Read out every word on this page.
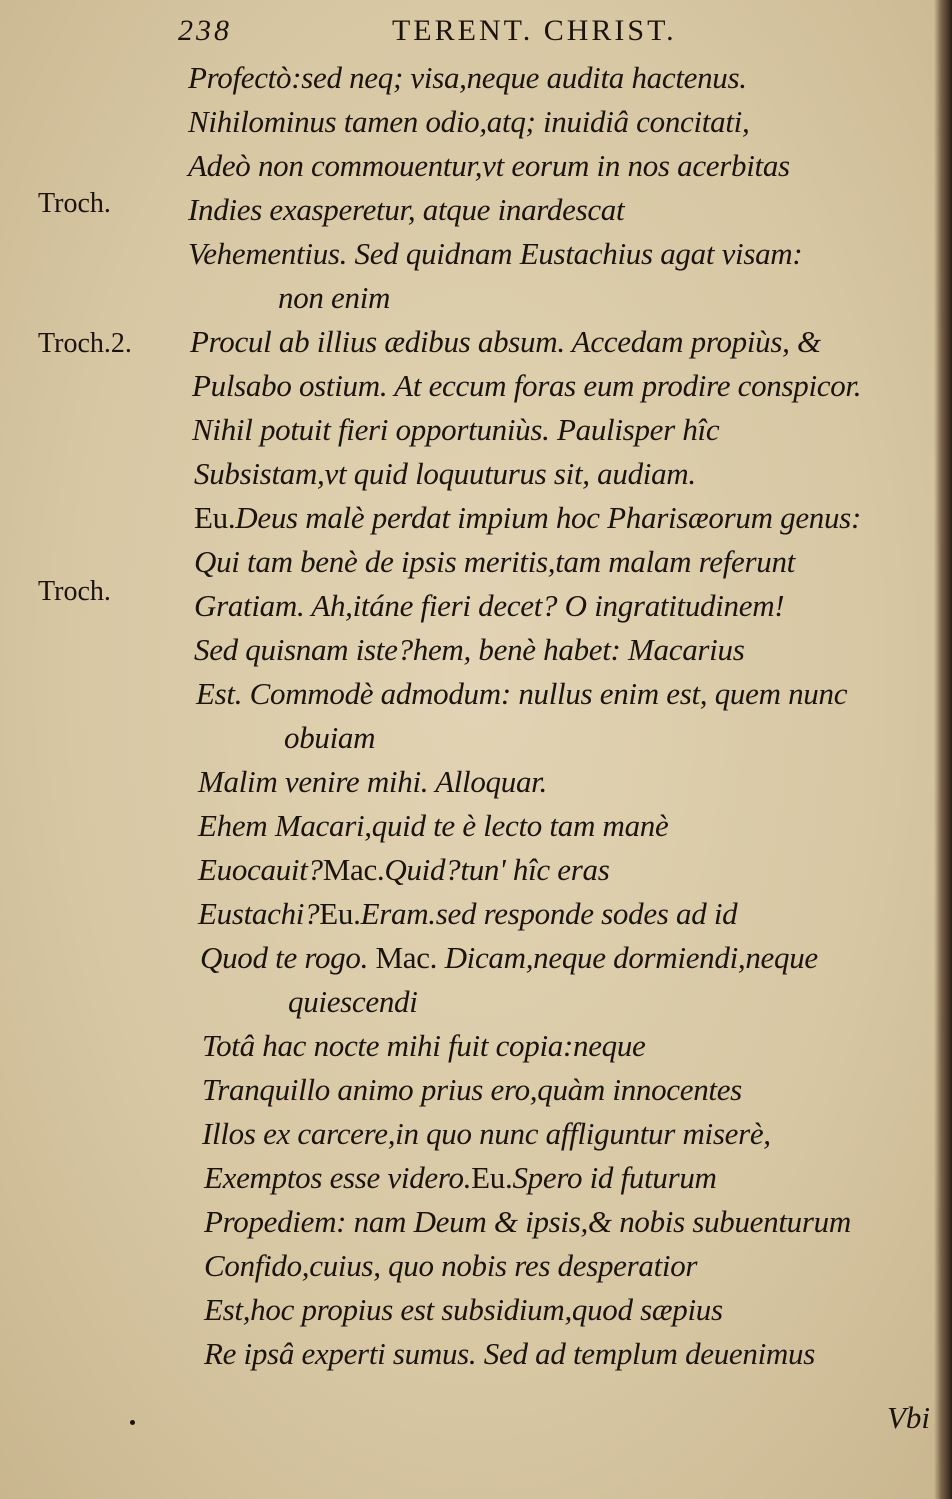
238	TERENT. CHRIST.
Troch.
Troch.2.
Troch.
Profectò:sed neq; visa,neque audita hactenus.
Nihilominus tamen odio,atq; inuidiâ concitati,
Adeò non commouentur,vt eorum in nos acerbitas
Indies exasperetur, atque inardescat
Vehementius. Sed quidnam Eustachius agat visam:
non enim
Procul ab illius ædibus absum. Accedam propiùs, &
Pulsabo ostium. At eccum foras eum prodire conspicor.
Nihil potuit fieri opportuniùs. Paulisper hîc
Subsistam,vt quid loquuturus sit, audiam.
Eu.Deus malè perdat impium hoc Pharisæorum genus:
Qui tam benè de ipsis meritis,tam malam referunt
Gratiam. Ah,itáne fieri decet? O ingratitudinem!
Sed quisnam iste?hem, benè habet: Macarius
Est. Commodè admodum: nullus enim est, quem nunc
obuiam
Malim venire mihi. Alloquar.
Ehem Macari,quid te è lecto tam manè
Euocauit?Mac.Quid?tun' hîc eras
Eustachi?Eu.Eram.sed responde sodes ad id
Quod te rogo. Mac. Dicam,neque dormiendi,neque
quiescendi
Totâ hac nocte mihi fuit copia:neque
Tranquillo animo prius ero,quàm innocentes
Illos ex carcere,in quo nunc affliguntur miserè,
Exemptos esse videro.Eu.Spero id futurum
Propediem: nam Deum & ipsis,& nobis subuenturum
Confido,cuius, quo nobis res desperatior
Est,hoc propius est subsidium,quod sæpius
Re ipsâ experti sumus. Sed ad templum deuenimus
Vbi
